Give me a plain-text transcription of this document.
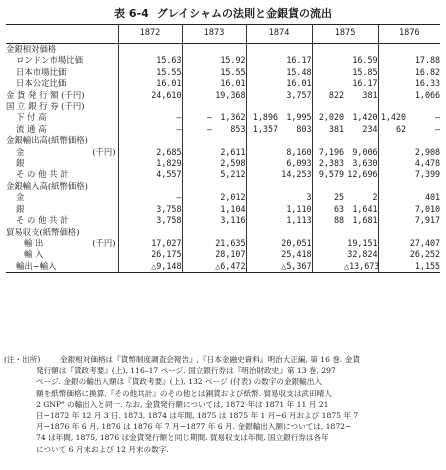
表 6-4 グレイシャムの法則と金銀貨の流出
	1872		1873		1874		1875		1876	
金銀相対価格										
ロンドン市場比価		15.63		15.92		16.17		16.59		17.88
日本市場比価		15.55		15.55		15.48		15.85		16.82
日本公定比価		16.01		16.01		16.01		16.17		16.33
金 貨 発 行 額 (千円)		24,610		19,368		3,757	822	381		1,066
国 立 銀 行 券 (千円)										
下 付 高		—	—	1,362	1,896	1,995	2,020	1,420	1,420	—
流 通 高		—	—	853	1,357	803	381	234	62	—
金銀輸出高(紙幣価格)										
金 (千円)		2,685		2,611		8,160	7,196	9,006		2,908
銀		1,829		2,598		6,093	2,383	3,630		4,478
そ の 他 共 計		4,557		5,212		14,253	9,579	12,696		7,399
金銀輸入高(紙幣価格)										
金		—		2,012		3	25	2		401
銀		3,758		1,104		1,110	63	1,641		7,010
そ の 他 共 計		3,758		3,116		1,113	88	1,681		7,917
貿易収支(紙幣価格)										
輸 出 (千円)		17,027		21,635		20,051		19,151		27,407
輸 入		26,175		28,107		25,418		32,824		26,252
輸出−輸入		△9,148		△6,472		△5,367		△13,673		1,155
(注・出所)	金銀相対価格は『貨幣制度調査会報告』,『日本金融史資料』明治大正編, 第 16 巻. 金貨
発行額は『貨政考要』(上), 116–17 ページ. 国立銀行券は『明治財政史』第 13 巻, 297
ページ. 金銀の輸出入額は『貨政考要』(上), 132 ページ (付表) の数字の金銀輸出入
額を紙幣価格に換算.『その他共計』のその他とは銅貨および紙幣. 貿易収支は武田晴人
2 GNP" の輸出入と同一. なお, 金貨発行額については, 1872 年は 1871 年 11 月 21
日−1872 年 12 月 3 日. 1873, 1874 は年間, 1875 は 1875 年 1 月−6 月および 1875 年 7
月−1876 年 6 月, 1876 は 1876 年 7 月−1877 年 6 月. 金銀輸出入額については, 1872−
74 は年間, 1875, 1876 は金貨発行額と同じ期間. 貿易収支は年間, 国立銀行券は各年
について 6 月末および 12 月末の数字.
